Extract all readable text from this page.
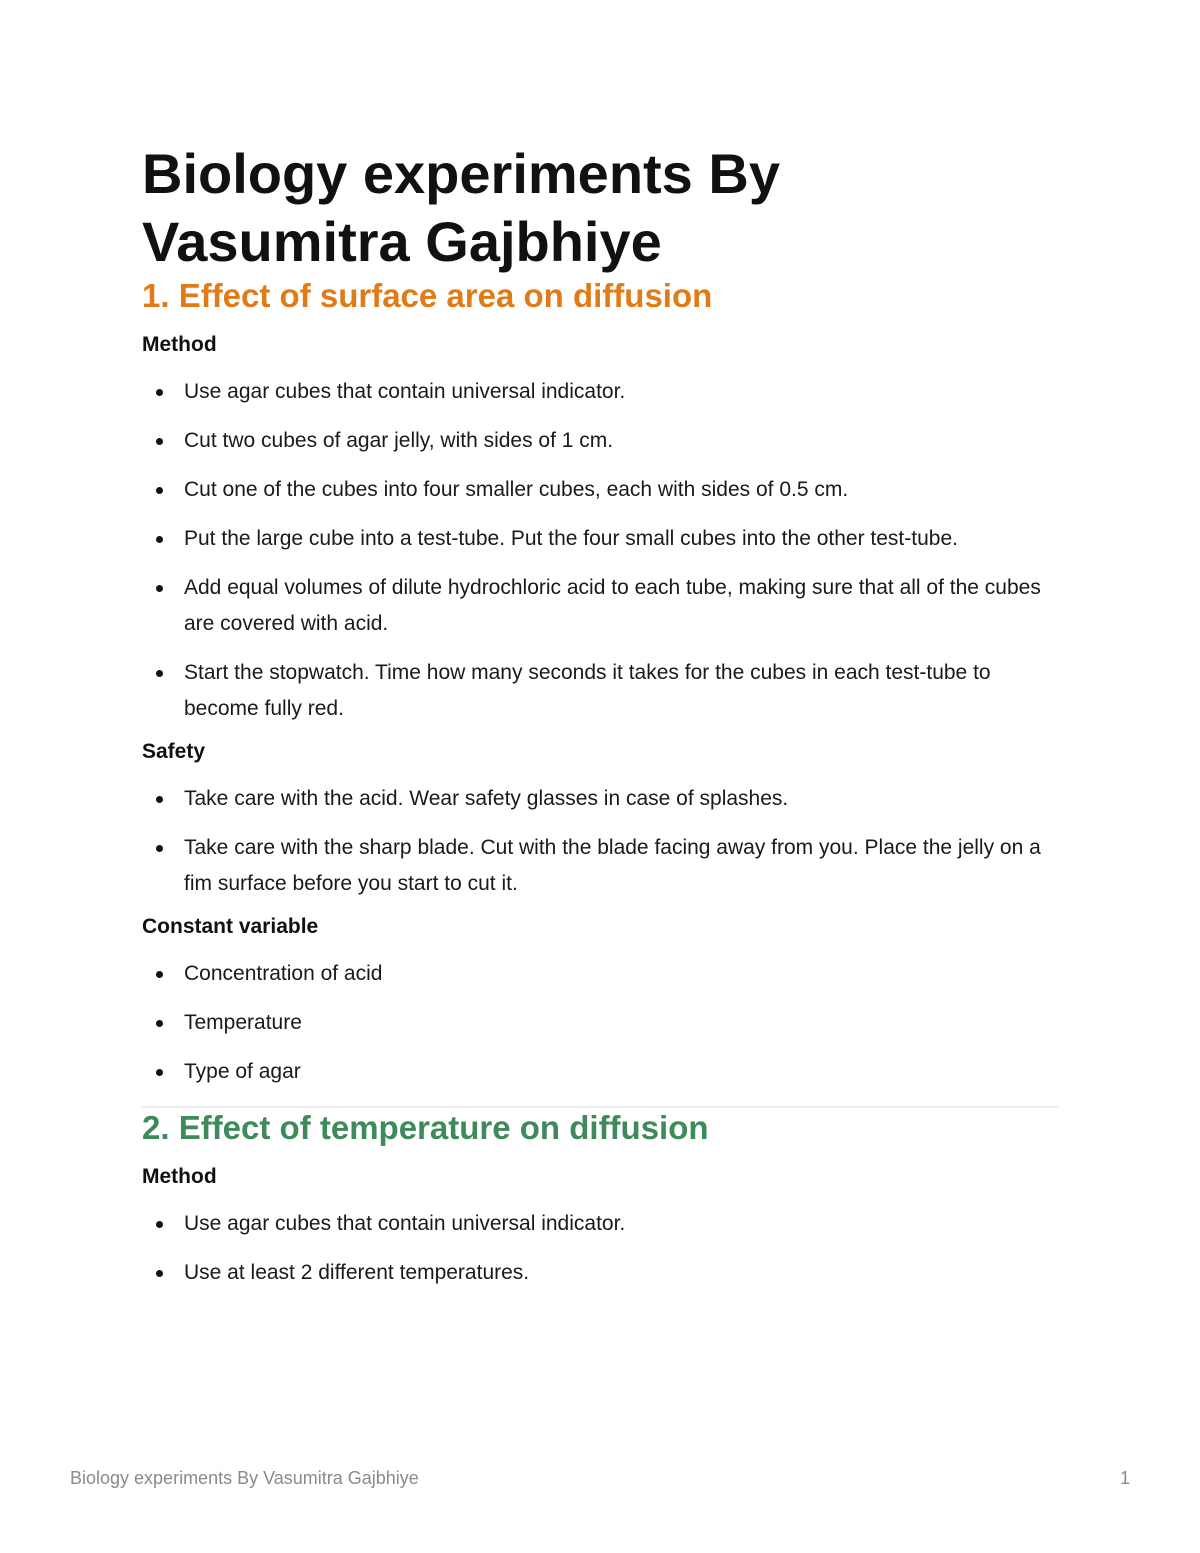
Biology experiments By Vasumitra Gajbhiye
1. Effect of surface area on diffusion
Method
Use agar cubes that contain universal indicator.
Cut two cubes of agar jelly, with sides of 1 cm.
Cut one of the cubes into four smaller cubes, each with sides of 0.5 cm.
Put the large cube into a test-tube. Put the four small cubes into the other test-tube.
Add equal volumes of dilute hydrochloric acid to each tube, making sure that all of the cubes are covered with acid.
Start the stopwatch. Time how many seconds it takes for the cubes in each test-tube to become fully red.
Safety
Take care with the acid. Wear safety glasses in case of splashes.
Take care with the sharp blade. Cut with the blade facing away from you. Place the jelly on a fim surface before you start to cut it.
Constant variable
Concentration of acid
Temperature
Type of agar
2. Effect of temperature on diffusion
Method
Use agar cubes that contain universal indicator.
Use at least 2 different temperatures.
Biology experiments By Vasumitra Gajbhiye	1
